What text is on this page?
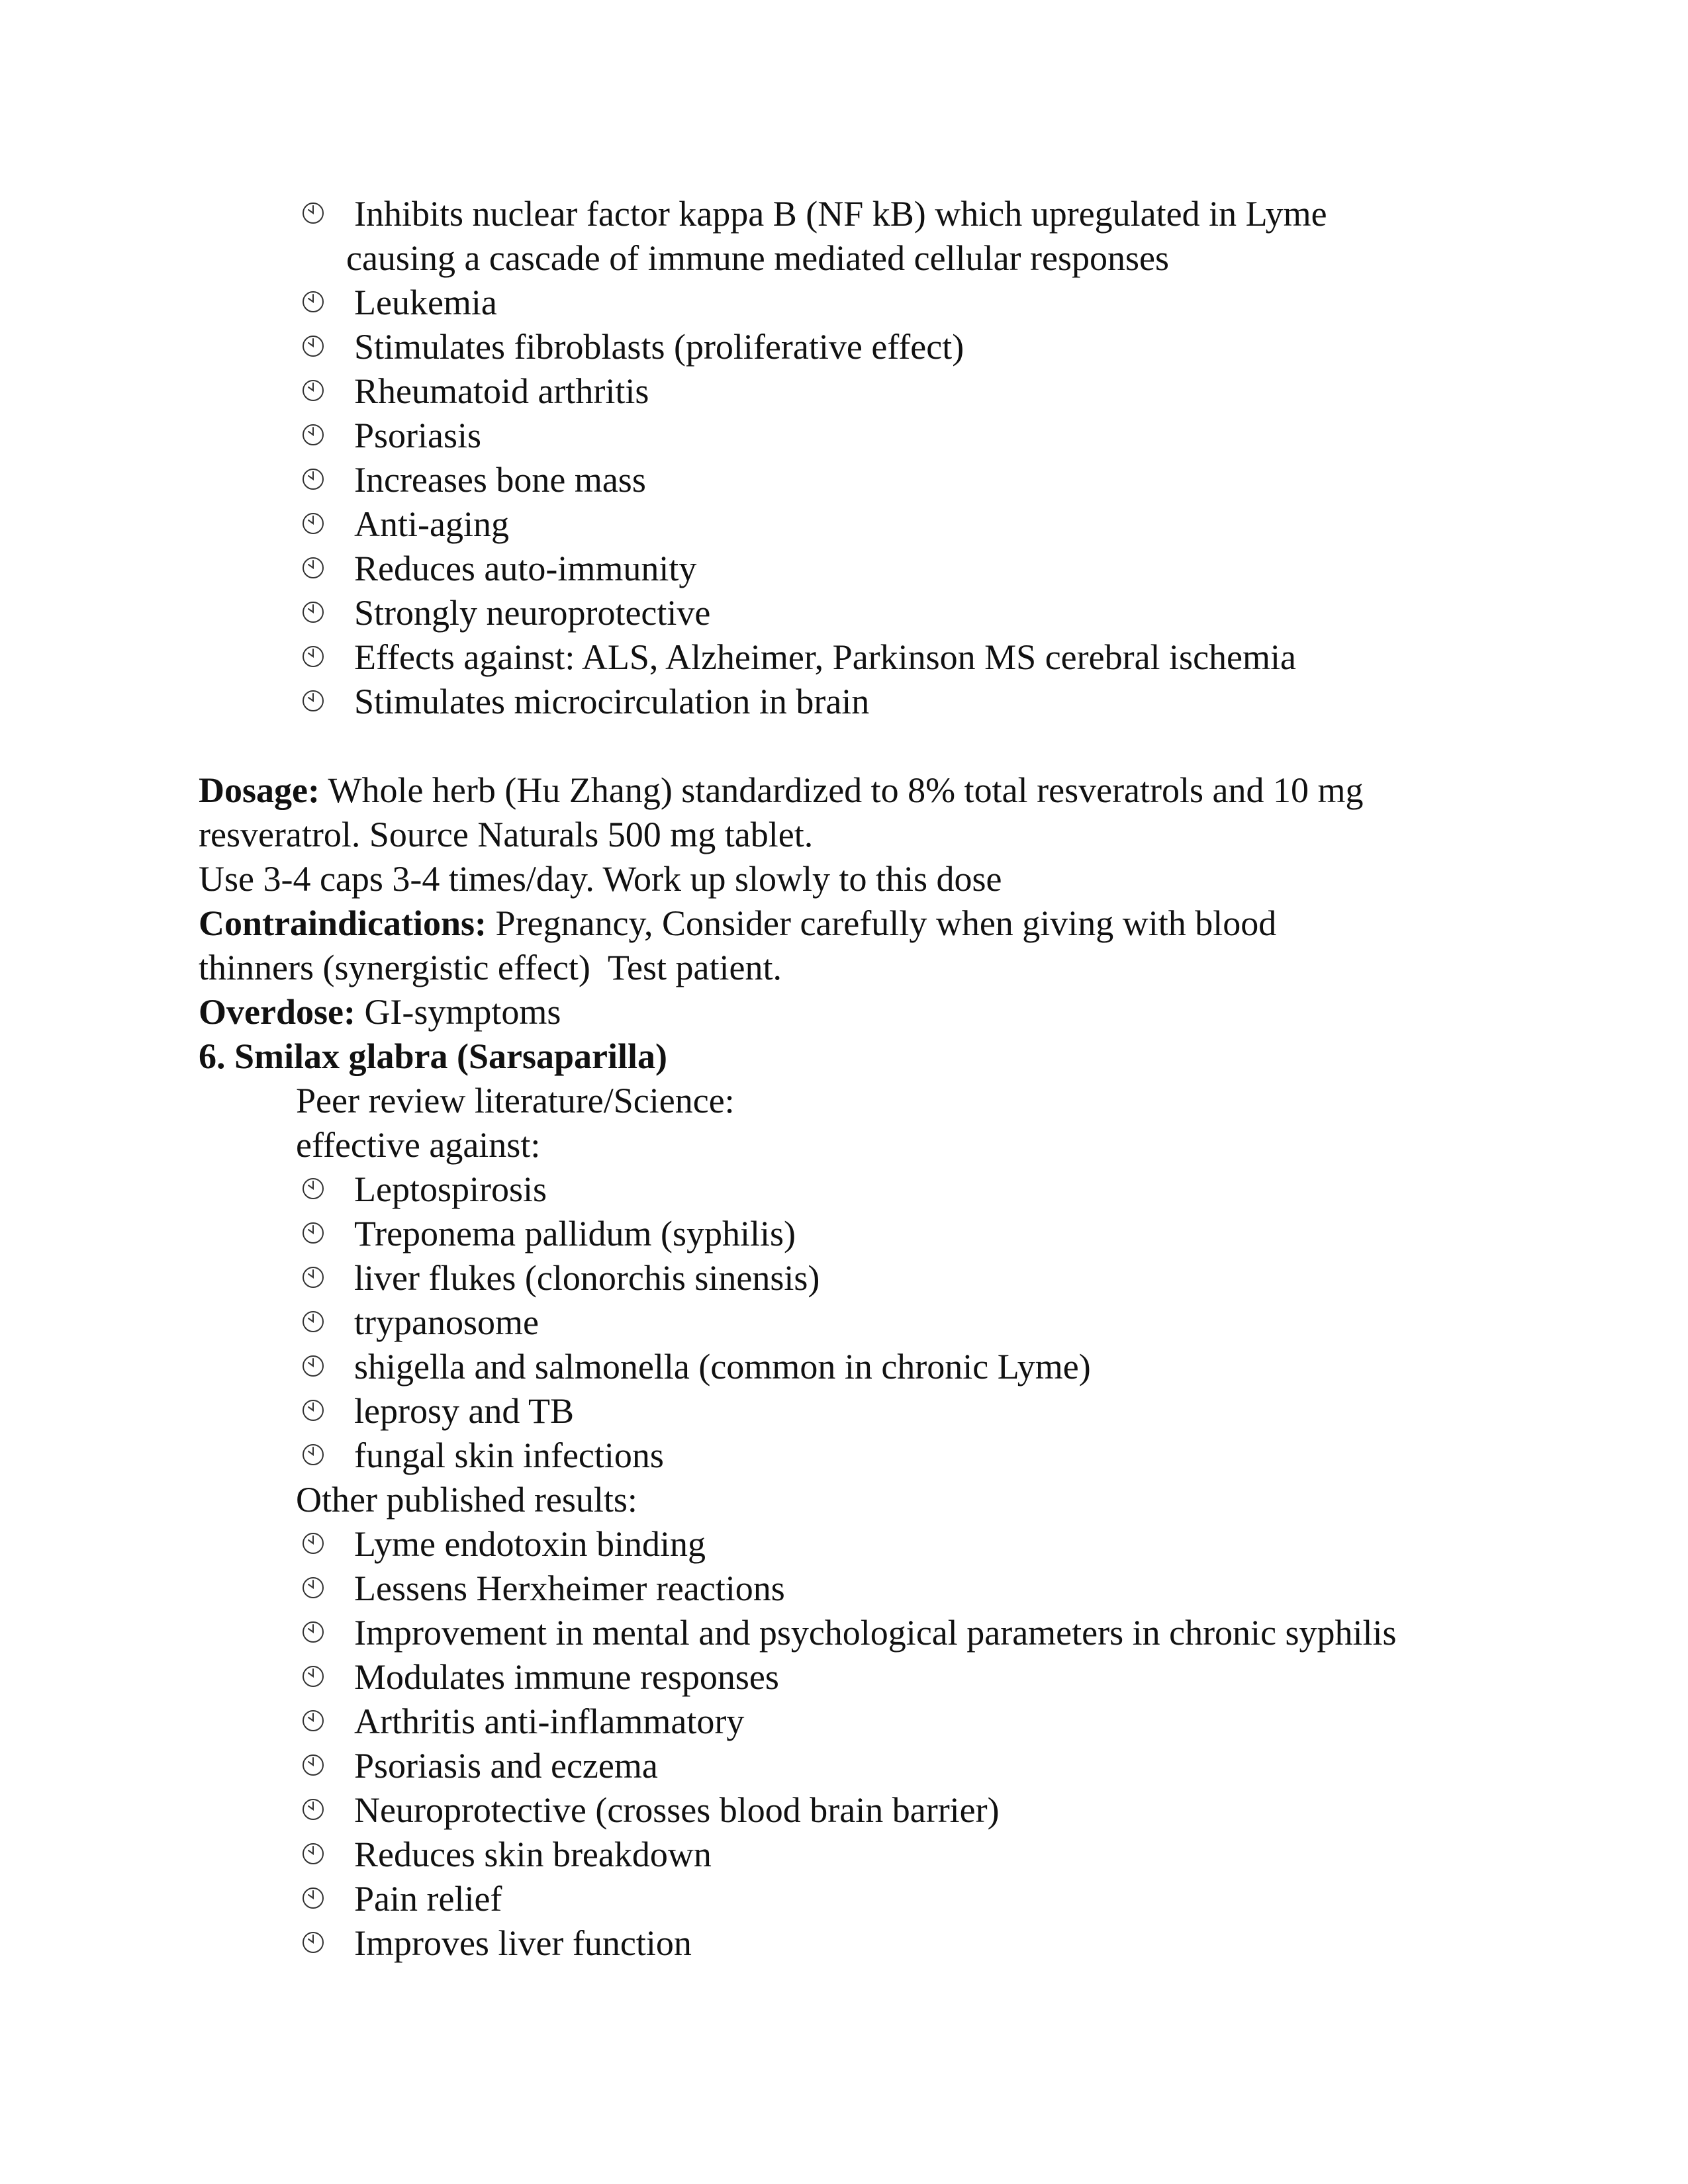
Inhibits nuclear factor kappa B (NF kB) which upregulated in Lyme
causing a cascade of immune mediated cellular responses
Leukemia
Stimulates fibroblasts (proliferative effect)
Rheumatoid arthritis
Psoriasis
Increases bone mass
Anti-aging
Reduces auto-immunity
Strongly neuroprotective
Effects against: ALS, Alzheimer, Parkinson MS cerebral ischemia
Stimulates microcirculation in brain

Dosage: Whole herb (Hu Zhang) standardized to 8% total resveratrols and 10 mg

resveratrol. Source Naturals 500 mg tablet.

Use 3-4 caps 3-4 times/day. Work up slowly to this dose

Contraindications: Pregnancy, Consider carefully when giving with blood

thinners (synergistic effect)  Test patient.

Overdose: GI-symptoms

6. Smilax glabra (Sarsaparilla)

Peer review literature/Science:

effective against:

Leptospirosis
Treponema pallidum (syphilis)
liver flukes (clonorchis sinensis)
trypanosome
shigella and salmonella (common in chronic Lyme)
leprosy and TB
fungal skin infections

Other published results:

Lyme endotoxin binding
Lessens Herxheimer reactions
Improvement in mental and psychological parameters in chronic syphilis
Modulates immune responses
Arthritis anti-inflammatory
Psoriasis and eczema
Neuroprotective (crosses blood brain barrier)
Reduces skin breakdown
Pain relief
Improves liver function
